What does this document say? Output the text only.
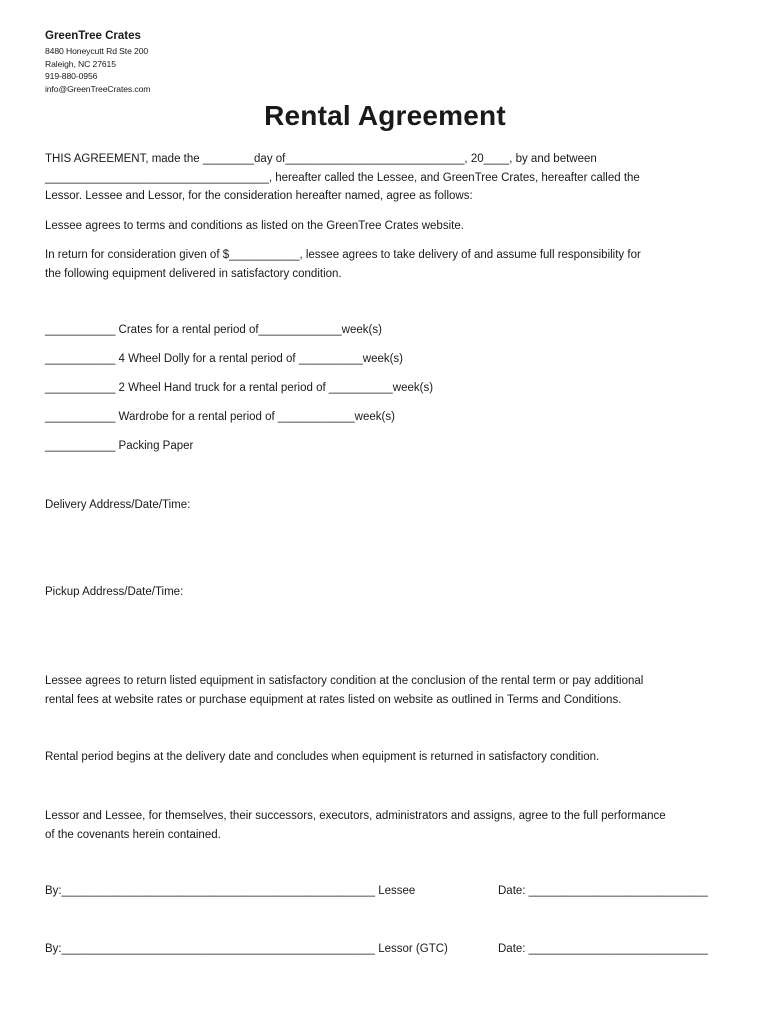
GreenTree Crates
8480 Honeycutt Rd Ste 200
Raleigh, NC 27615
919-880-0956
info@GreenTreeCrates.com
Rental Agreement
THIS AGREEMENT, made the ________day of____________________________, 20____, by and between
___________________________________, hereafter called the Lessee, and GreenTree Crates, hereafter called the
Lessor. Lessee and Lessor, for the consideration hereafter named, agree as follows:
Lessee agrees to terms and conditions as listed on the GreenTree Crates website.
In return for consideration given of $___________, lessee agrees to take delivery of and assume full responsibility for
the following equipment delivered in satisfactory condition.
___________ Crates for a rental period of_____________week(s)
___________ 4 Wheel Dolly for a rental period of __________week(s)
___________ 2 Wheel Hand truck for a rental period of __________week(s)
___________ Wardrobe for a rental period of ____________week(s)
___________ Packing Paper
Delivery Address/Date/Time:
Pickup Address/Date/Time:
Lessee agrees to return listed equipment in satisfactory condition at the conclusion of the rental term or pay additional
rental fees at website rates or purchase equipment at rates listed on website as outlined in Terms and Conditions.
Rental period begins at the delivery date and concludes when equipment is returned in satisfactory condition.
Lessor and Lessee, for themselves, their successors, executors, administrators and assigns, agree to the full performance
of the covenants herein contained.
By:_________________________________________________ Lessee	Date: ____________________________
By:_________________________________________________ Lessor (GTC)	Date: ____________________________
